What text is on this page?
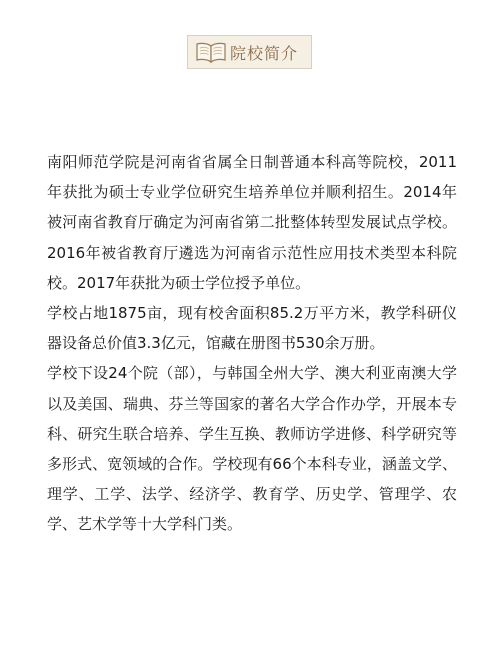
院校简介

南阳师范学院是河南省省属全日制普通本科高等院校，2011年获批为硕士专业学位研究生培养单位并顺利招生。2014年被河南省教育厅确定为河南省第二批整体转型发展试点学校。2016年被省教育厅遴选为河南省示范性应用技术类型本科院校。2017年获批为硕士学位授予单位。

学校占地1875亩，现有校舍面积85.2万平方米，教学科研仪器设备总价值3.3亿元，馆藏在册图书530余万册。

学校下设24个院（部），与韩国全州大学、澳大利亚南澳大学以及美国、瑞典、芬兰等国家的著名大学合作办学，开展本专科、研究生联合培养、学生互换、教师访学进修、科学研究等多形式、宽领域的合作。学校现有66个本科专业，涵盖文学、理学、工学、法学、经济学、教育学、历史学、管理学、农学、艺术学等十大学科门类。
